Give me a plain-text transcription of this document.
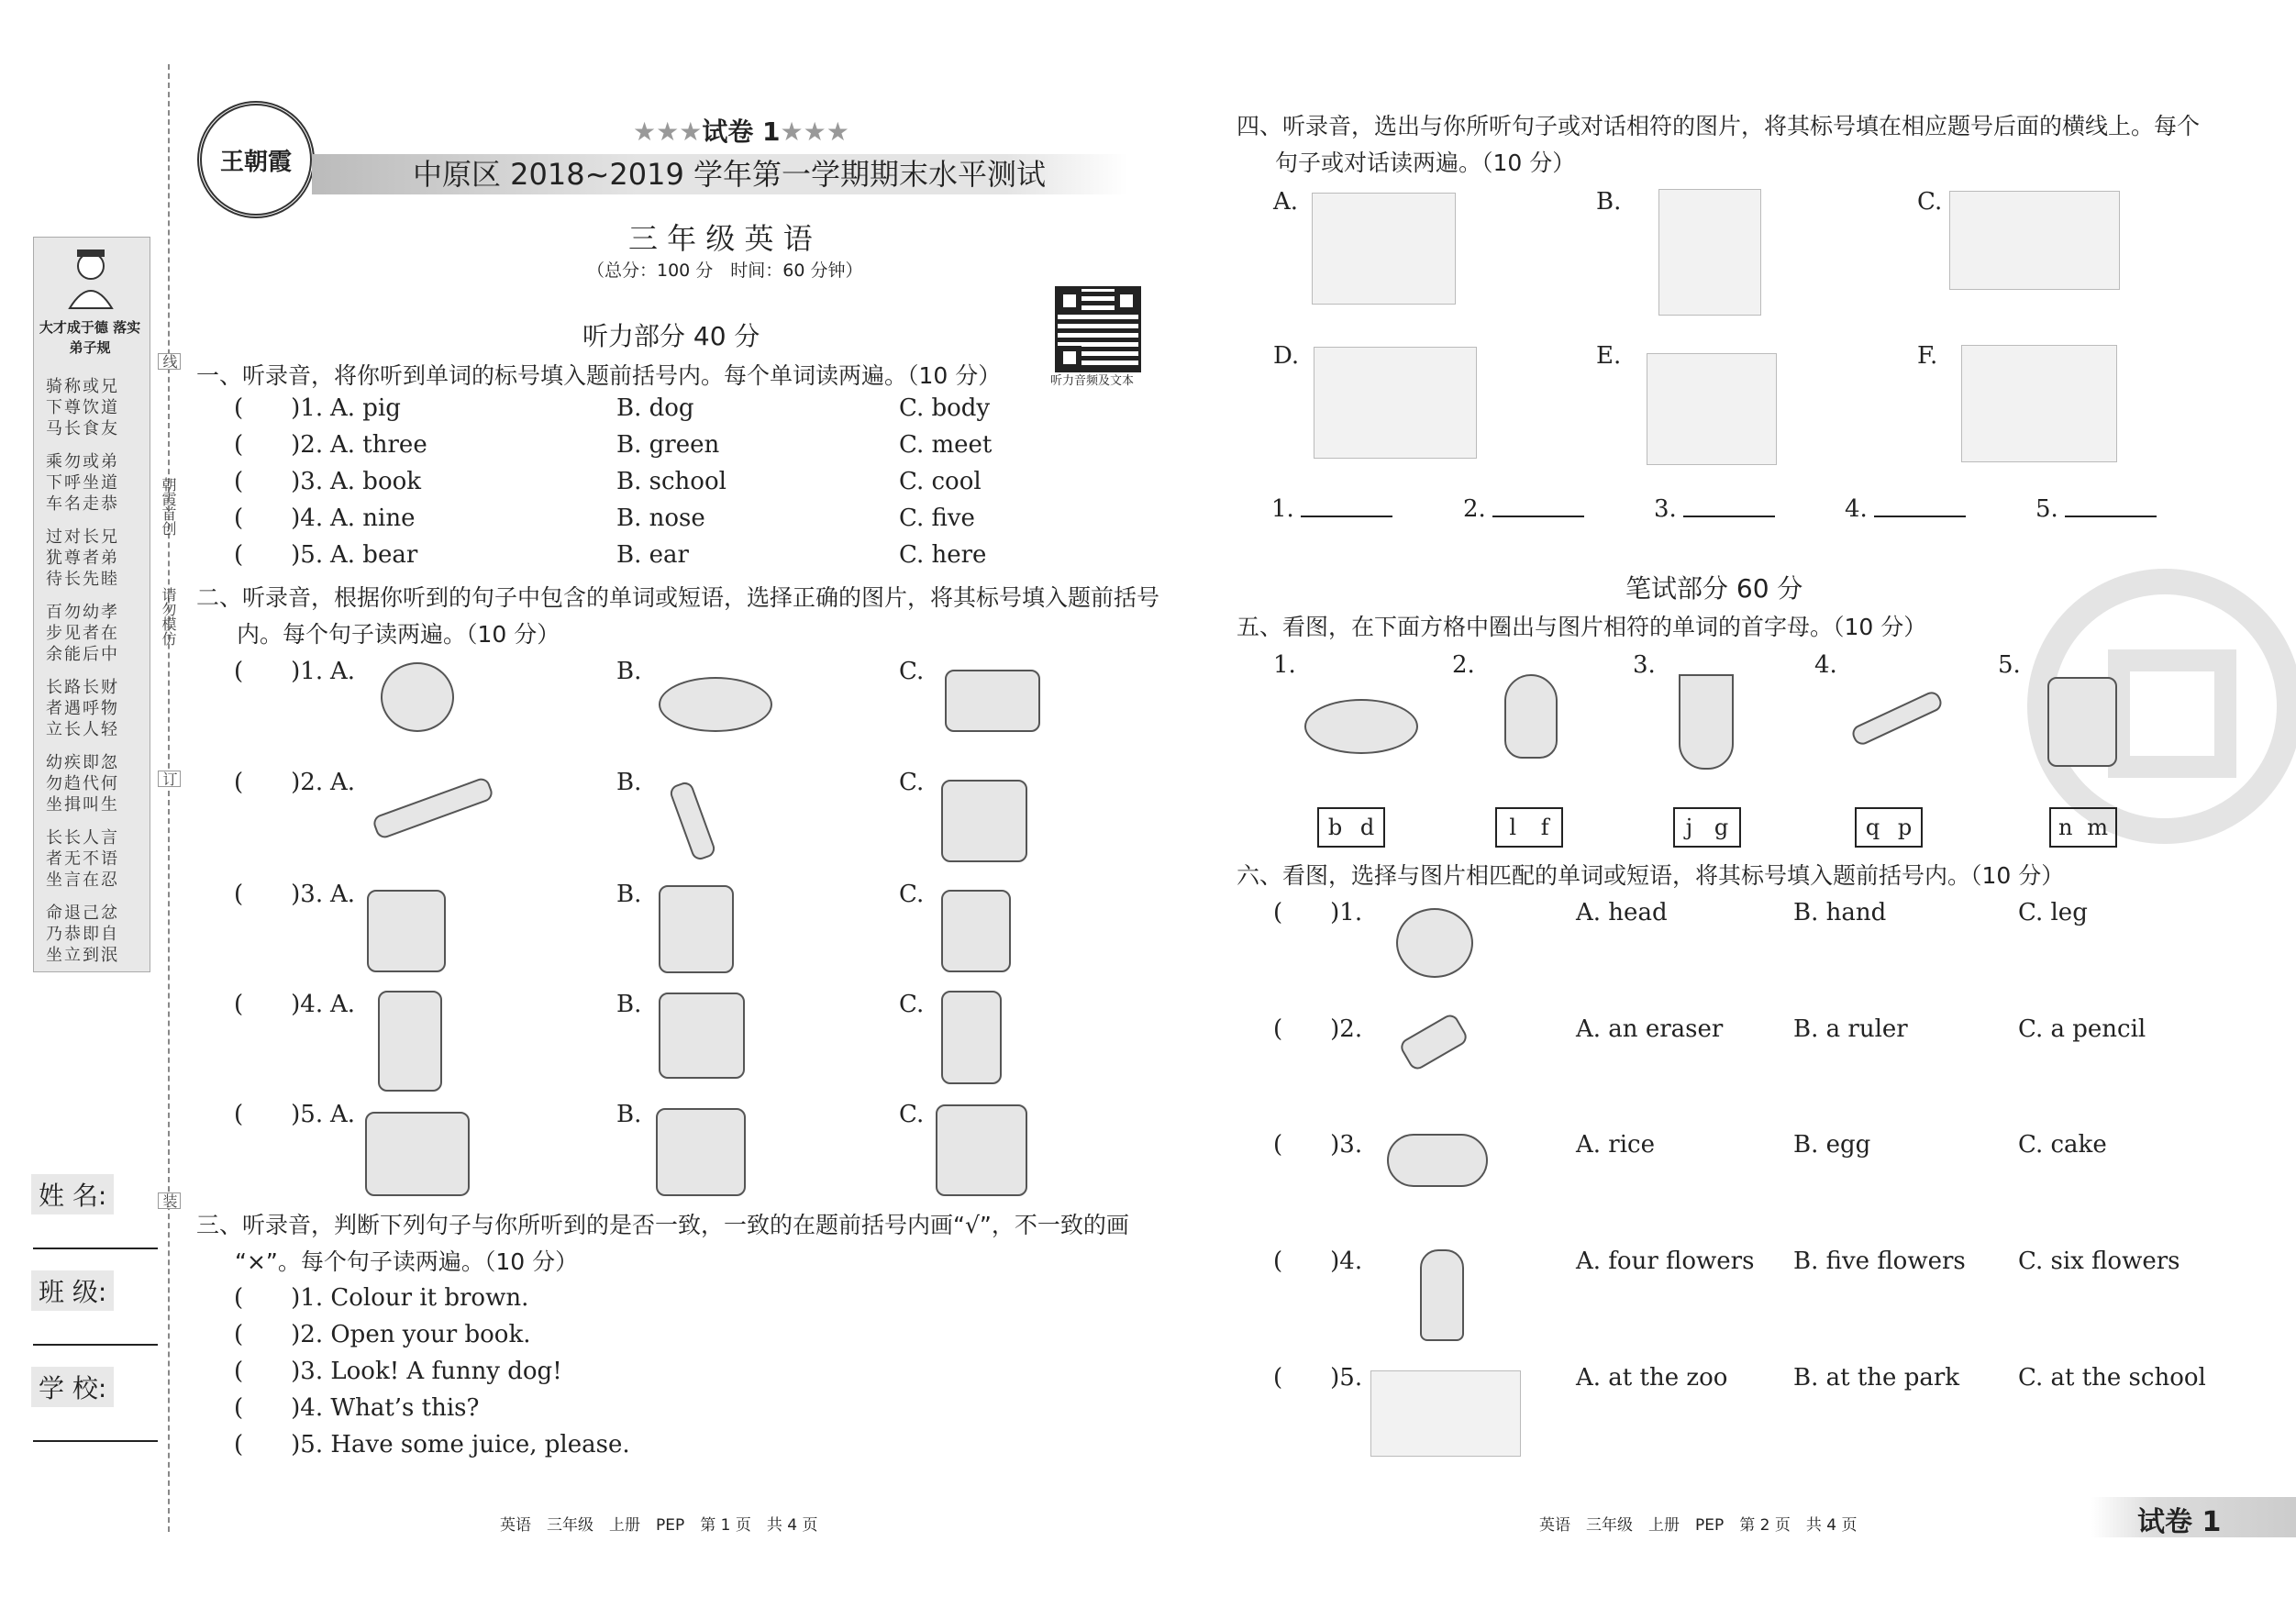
大才成于德 落实弟子规
骑称或兄
下尊饮道
马长食友
乘勿或弟
下呼坐道
车名走恭
过对长兄
犹尊者弟
待长先睦
百勿幼孝
步见者在
余能后中
长路长财
者遇呼物
立长人轻
幼疾即忽
勿趋代何
坐揖叫生
长长人言
者无不语
坐言在忍
命退己忿
乃恭即自
坐立到泯
姓 名:
班 级:
学 校:
线
朝霞首创
请勿模仿
订
装
王朝霞
★★★试卷 1★★★
中原区 2018~2019 学年第一学期期末水平测试
三 年 级 英 语
（总分：100 分　时间：60 分钟）
听力音频及文本
听力部分 40 分
一、听录音，将你听到单词的标号填入题前括号内。每个单词读两遍。（10 分）
(  )1. A. pig	B. dog	C. body
(  )2. A. three	B. green	C. meet
(  )3. A. book	B. school	C. cool
(  )4. A. nine	B. nose	C. five
(  )5. A. bear	B. ear	C. here
二、听录音，根据你听到的句子中包含的单词或短语，选择正确的图片，将其标号填入题前括号
内。每个句子读两遍。（10 分）
(  )1. A.	B.	C.
(  )2. A.	B.	C.
(  )3. A.	B.	C.
(  )4. A.	B.	C.
(  )5. A.	B.	C.
三、听录音，判断下列句子与你所听到的是否一致，一致的在题前括号内画“√”，不一致的画
“×”。每个句子读两遍。（10 分）
(  )1. Colour it brown.
(  )2. Open your book.
(  )3. Look! A funny dog!
(  )4. What’s this?
(  )5. Have some juice, please.
英语　三年级　上册　PEP　第 1 页　共 4 页
四、听录音，选出与你所听句子或对话相符的图片，将其标号填在相应题号后面的横线上。每个
句子或对话读两遍。（10 分）
A.	B.	C.
D.	E.	F.
1.	2.	3.	4.	5.
笔试部分 60 分
五、看图，在下面方格中圈出与图片相符的单词的首字母。（10 分）
1.
b d
2.
l f
3.
j g
4.
q p
5.
n m
六、看图，选择与图片相匹配的单词或短语，将其标号填入题前括号内。（10 分）
(  )1.	A. head	B. hand	C. leg
(  )2.	A. an eraser	B. a ruler	C. a pencil
(  )3.	A. rice	B. egg	C. cake
(  )4.	A. four flowers B. five flowers C. six flowers
(  )5.	A. at the zoo	B. at the park C. at the school
英语　三年级　上册　PEP　第 2 页　共 4 页	试卷 1
